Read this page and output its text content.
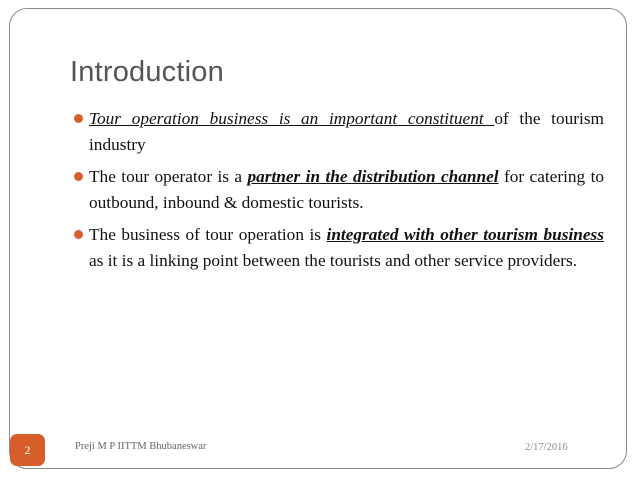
Introduction
Tour operation business is an important constituent of the tourism industry
The tour operator is a partner in the distribution channel for catering to outbound, inbound & domestic tourists.
The business of tour operation is integrated with other tourism business as it is a linking point between the tourists and other service providers.
2	Preji M P IITTM Bhubaneswar	2/17/2016
